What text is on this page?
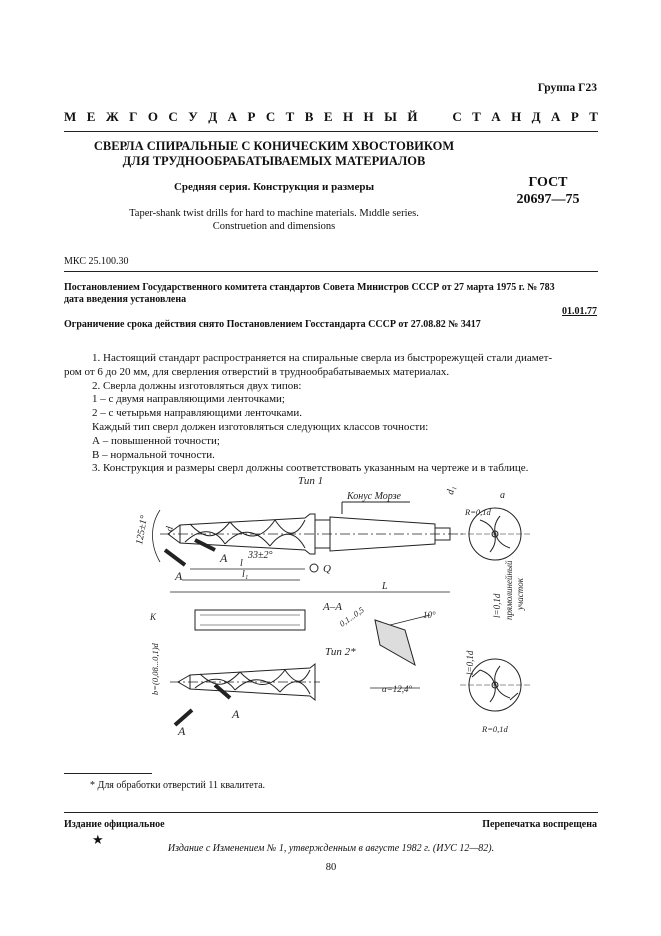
Группа Г23
М Е Ж Г О С У Д А Р С Т В Е Н Н Ы Й	С Т А Н Д А Р Т
СВЕРЛА СПИРАЛЬНЫЕ С КОНИЧЕСКИМ ХВОСТОВИКОМ
ДЛЯ ТРУДНООБРАБАТЫВАЕМЫХ МАТЕРИАЛОВ
Средняя серия. Конструкция и размеры	ГОСТ
20697—75
Taper-shank twist drills for hard to machine materials. Mıddle series.
Construetion and dimensions
МКС 25.100.30
Постановлением Государственного комитета стандартов Совета Министров СССР от 27 марта 1975 г. № 783
дата введения установлена
01.01.77
Ограничение срока действия снято Постановлением Госстандарта СССР от 27.08.82 № 3417

1. Настоящий стандарт распространяется на спиральные сверла из быстрорежущей стали диамет-

ром от 6 до 20 мм, для сверления отверстий в труднообрабатываемых материалах.

2. Сверла должны изготовляться двух типов:

1 – с двумя направляющими ленточками;

2 – с четырьмя направляющими ленточками.

Каждый тип сверл должен изготовляться следующих классов точности:

А – повышенной точности;

В – нормальной точности.

3. Конструкция и размеры сверл должны соответствовать указанным на чертеже и в таблице.

Тип 1
Конус Морзе
125±1° d
33±2°
A
A
l	Q
l₁
L
d₁
R=0,1d
a
l=0,1d прямолинейный участок
А–А
0,1...0,5	10°
Тип 2*
α=12,4°
K
b=(0,08...0,1)d
A
A
l=0,1d
R=0,1d
* Для обработки отверстий 11 квалитета.
Издание официальное	Перепечатка воспрещена
★
Издание с Изменением № 1, утвержденным в августе 1982 г. (ИУС 12—82).
80
